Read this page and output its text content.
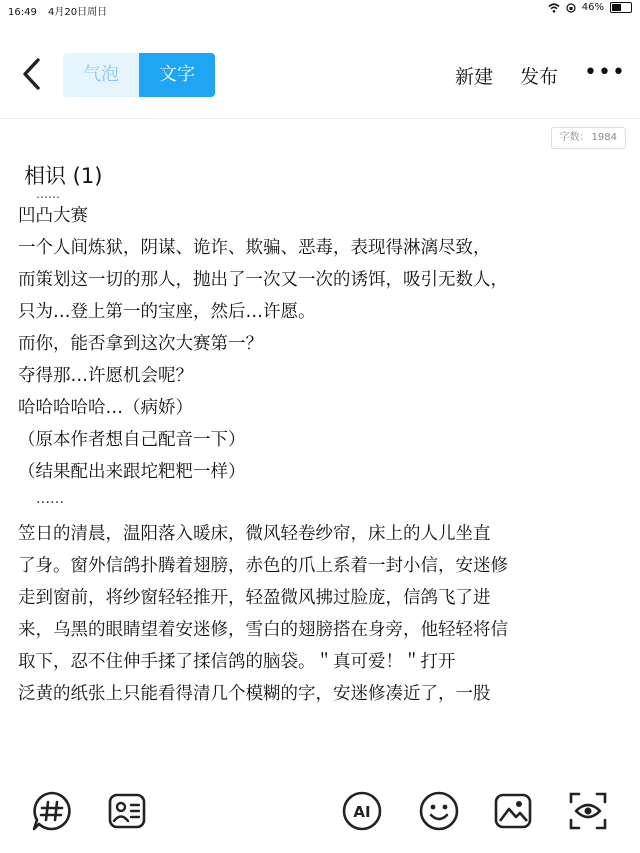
16:49 4月20日周日	46%
气泡	文字	新建 发布 •••
字数： 1984
相识 (1)
……
凹凸大赛
一个人间炼狱，阴谋、诡诈、欺骗、恶毒，表现得淋漓尽致，
而策划这一切的那人，抛出了一次又一次的诱饵，吸引无数人，
只为…登上第一的宝座，然后…许愿。
而你，能否拿到这次大赛第一？
夺得那…许愿机会呢？
哈哈哈哈哈…（病娇）
（原本作者想自己配音一下）
（结果配出来跟坨粑粑一样）
……
笠日的清晨，温阳落入暖床，微风轻卷纱帘，床上的人儿坐直
了身。窗外信鸽扑腾着翅膀，赤色的爪上系着一封小信，安迷修
走到窗前，将纱窗轻轻推开，轻盈微风拂过脸庞，信鸽飞了进
来，乌黑的眼睛望着安迷修，雪白的翅膀搭在身旁，他轻轻将信
取下，忍不住伸手揉了揉信鸽的脑袋。＂真可爱！＂打开
泛黄的纸张上只能看得清几个模糊的字，安迷修凑近了，一股
AI
